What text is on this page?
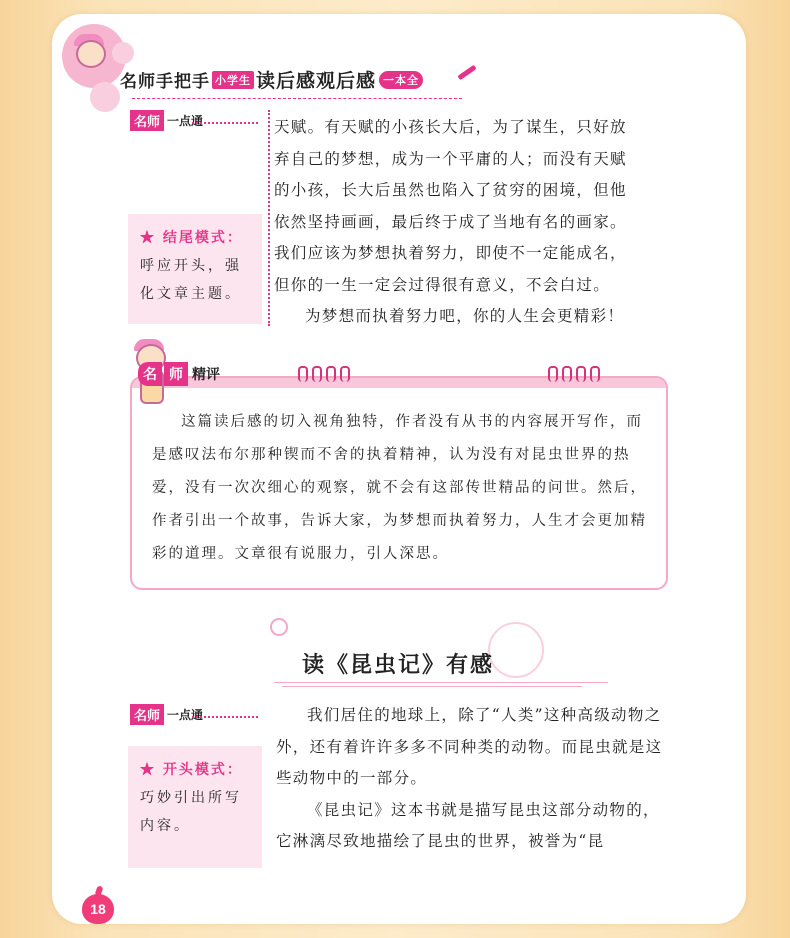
名师手把手 小学生 读后感观后感 一本全
名师 一点通
★ 结尾模式：
呼应开头，强化文章主题。

天赋。有天赋的小孩长大后，为了谋生，只好放

弃自己的梦想，成为一个平庸的人；而没有天赋

的小孩，长大后虽然也陷入了贫穷的困境，但他

依然坚持画画，最后终于成了当地有名的画家。

我们应该为梦想执着努力，即使不一定能成名，

但你的一生一定会过得很有意义，不会白过。

为梦想而执着努力吧，你的人生会更精彩！

这篇读后感的切入视角独特，作者没有从书的内容展开写作，而是感叹法布尔那种锲而不舍的执着精神，认为没有对昆虫世界的热爱，没有一次次细心的观察，就不会有这部传世精品的问世。然后，作者引出一个故事，告诉大家，为梦想而执着努力，人生才会更加精彩的道理。文章很有说服力，引人深思。

名 师 精评
读《昆虫记》有感
名师 一点通
★ 开头模式：
巧妙引出所写内容。

我们居住的地球上，除了“人类”这种高级动物之外，还有着许许多多不同种类的动物。而昆虫就是这些动物中的一部分。

《昆虫记》这本书就是描写昆虫这部分动物的，它淋漓尽致地描绘了昆虫的世界，被誉为“昆

18
